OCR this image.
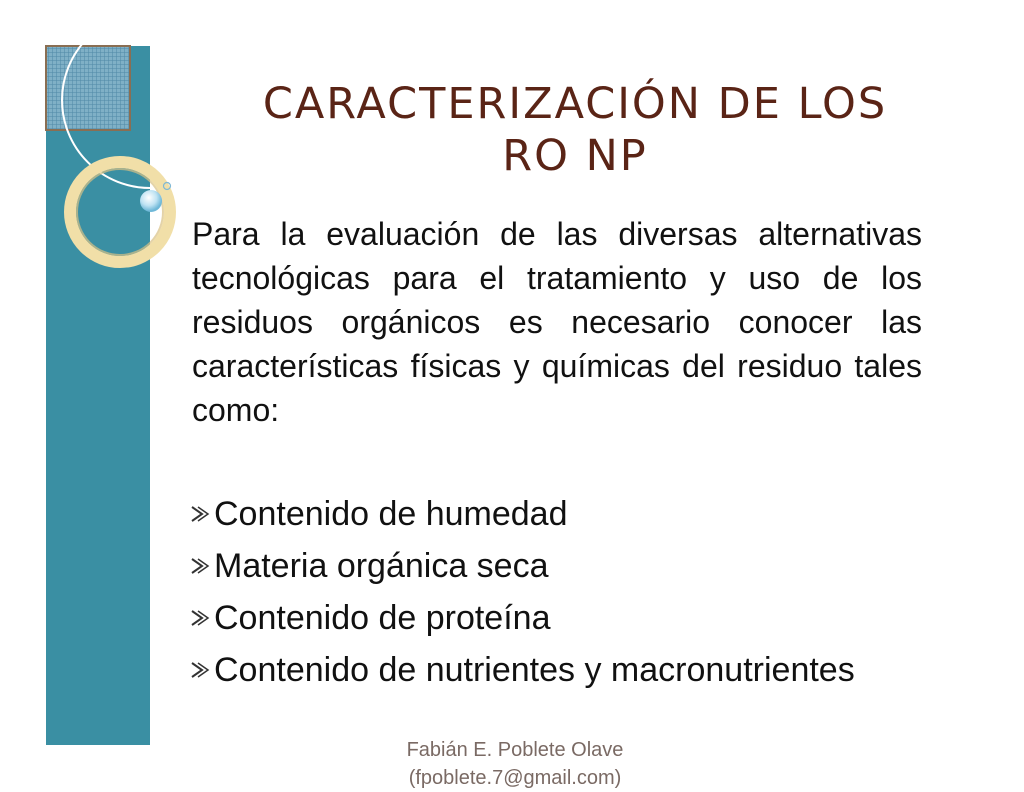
CARACTERIZACIÓN DE LOS
RO NP

Para la evaluación de las diversas alternativas tecnológicas para el tratamiento y uso de los residuos orgánicos es necesario conocer las características físicas y químicas del residuo tales como:

Contenido de humedad
Materia orgánica seca
Contenido de proteína
Contenido de nutrientes y macronutrientes
Fabián E. Poblete Olave
(fpoblete.7@gmail.com)
